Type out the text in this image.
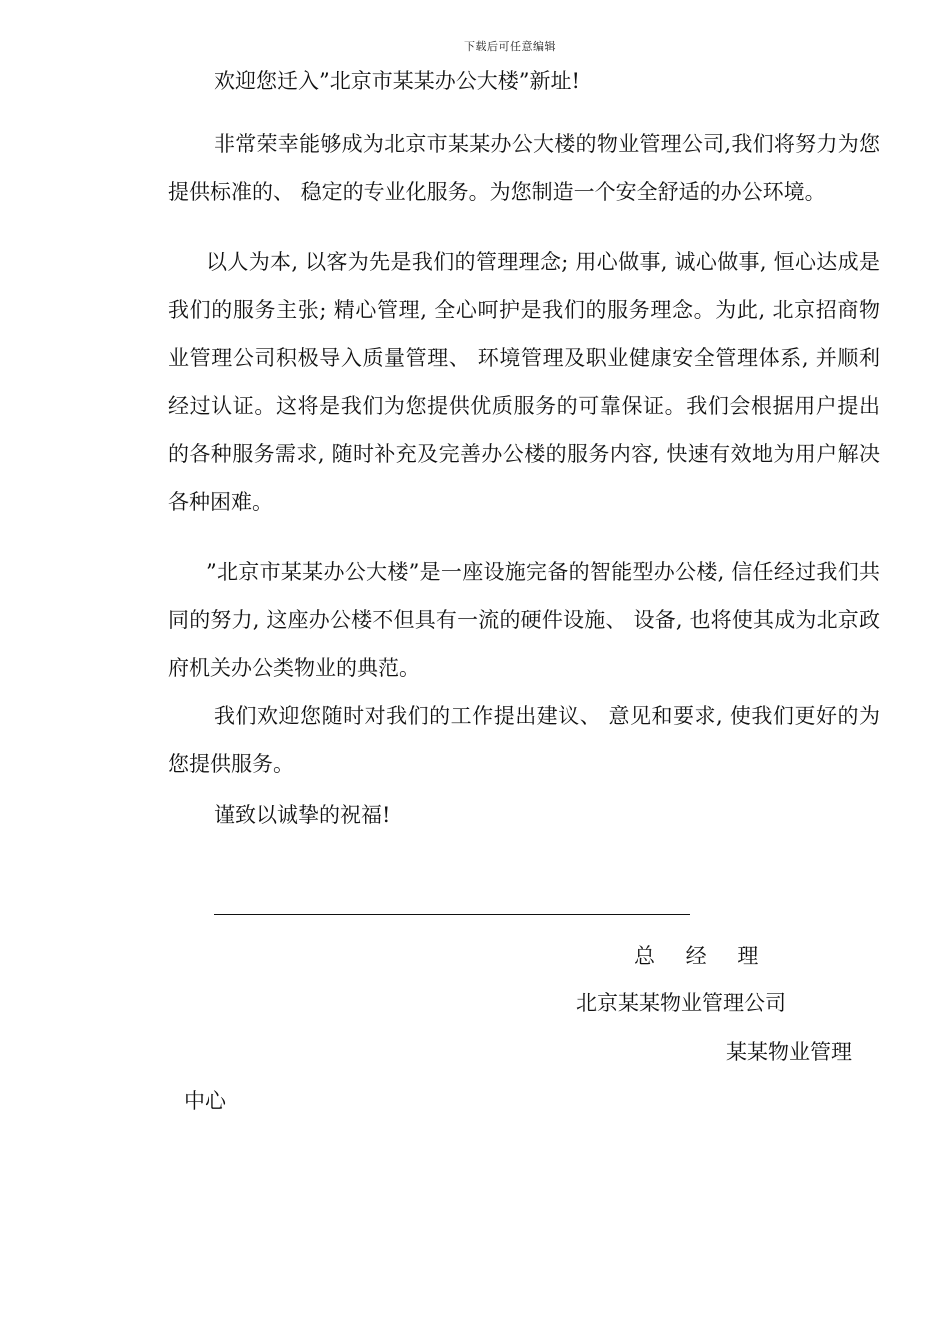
下载后可任意编辑

欢迎您迁入”北京市某某办公大楼”新址!

非常荣幸能够成为北京市某某办公大楼的物业管理公司,我们将努力为您提供标准的、 稳定的专业化服务。为您制造一个安全舒适的办公环境。

以人为本, 以客为先是我们的管理理念; 用心做事, 诚心做事, 恒心达成是我们的服务主张; 精心管理, 全心呵护是我们的服务理念。为此, 北京招商物业管理公司积极导入质量管理、 环境管理及职业健康安全管理体系, 并顺利经过认证。这将是我们为您提供优质服务的可靠保证。我们会根据用户提出的各种服务需求, 随时补充及完善办公楼的服务内容, 快速有效地为用户解决各种困难。

”北京市某某办公大楼”是一座设施完备的智能型办公楼, 信任经过我们共同的努力, 这座办公楼不但具有一流的硬件设施、 设备, 也将使其成为北京政府机关办公类物业的典范。

我们欢迎您随时对我们的工作提出建议、 意见和要求, 使我们更好的为您提供服务。

谨致以诚挚的祝福!

总 经 理
北京某某物业管理公司
某某物业管理
中心
